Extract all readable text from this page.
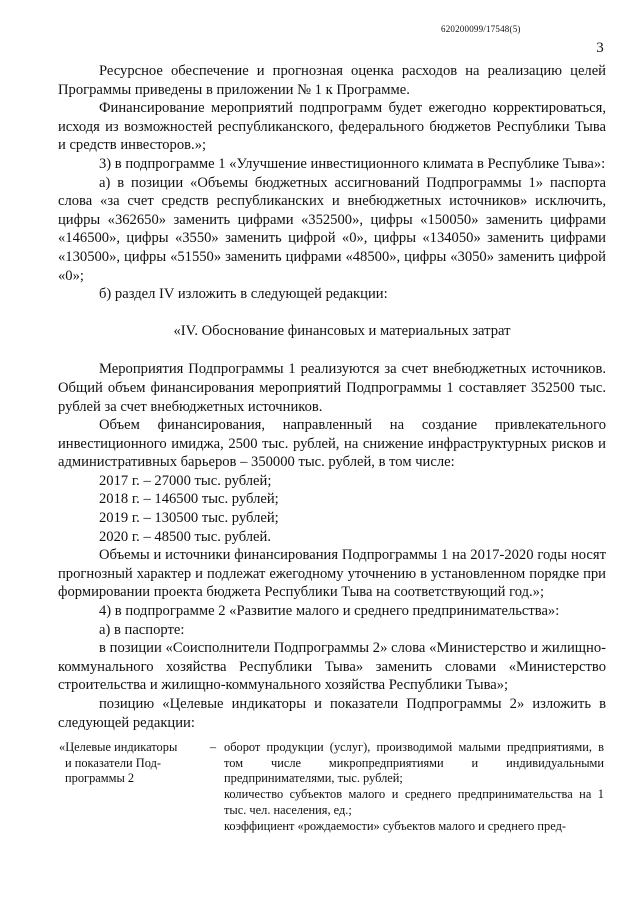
620200099/17548(5)
3

Ресурсное обеспечение и прогнозная оценка расходов на реализацию целей Программы приведены в приложении № 1 к Программе.

Финансирование мероприятий подпрограмм будет ежегодно корректироваться, исходя из возможностей республиканского, федерального бюджетов Республики Тыва и средств инвесторов.»;

3) в подпрограмме 1 «Улучшение инвестиционного климата в Республике Тыва»:

а) в позиции «Объемы бюджетных ассигнований Подпрограммы 1» паспорта слова «за счет средств республиканских и внебюджетных источников» исключить, цифры «362650» заменить цифрами «352500», цифры «150050» заменить цифрами «146500», цифры «3550» заменить цифрой «0», цифры «134050» заменить цифрами «130500», цифры «51550» заменить цифрами «48500», цифры «3050» заменить цифрой «0»;

б) раздел IV изложить в следующей редакции:

«IV. Обоснование финансовых и материальных затрат

Мероприятия Подпрограммы 1 реализуются за счет внебюджетных источников. Общий объем финансирования мероприятий Подпрограммы 1 составляет 352500 тыс. рублей за счет внебюджетных источников.

Объем финансирования, направленный на создание привлекательного инвестиционного имиджа, 2500 тыс. рублей, на снижение инфраструктурных рисков и административных барьеров – 350000 тыс. рублей, в том числе:

2017 г. – 27000 тыс. рублей;

2018 г. – 146500 тыс. рублей;

2019 г. – 130500 тыс. рублей;

2020 г. – 48500 тыс. рублей.

Объемы и источники финансирования Подпрограммы 1 на 2017-2020 годы носят прогнозный характер и подлежат ежегодному уточнению в установленном порядке при формировании проекта бюджета Республики Тыва на соответствующий год.»;

4) в подпрограмме 2 «Развитие малого и среднего предпринимательства»:

а) в паспорте:

в позиции «Соисполнители Подпрограммы 2» слова «Министерство и жилищно-коммунального хозяйства Республики Тыва» заменить словами «Министерство строительства и жилищно-коммунального хозяйства Республики Тыва»;

позицию «Целевые индикаторы и показатели Подпрограммы 2» изложить в следующей редакции:

«Целевые индикаторы
и показатели Под-
программы 2
– оборот продукции (услуг), производимой малыми предприятиями, в том числе микропредприятиями и индивидуальными предпринимателями, тыс. рублей;

количество субъектов малого и среднего предпринимательства на 1 тыс. чел. населения, ед.;

коэффициент «рождаемости» субъектов малого и среднего пред-
